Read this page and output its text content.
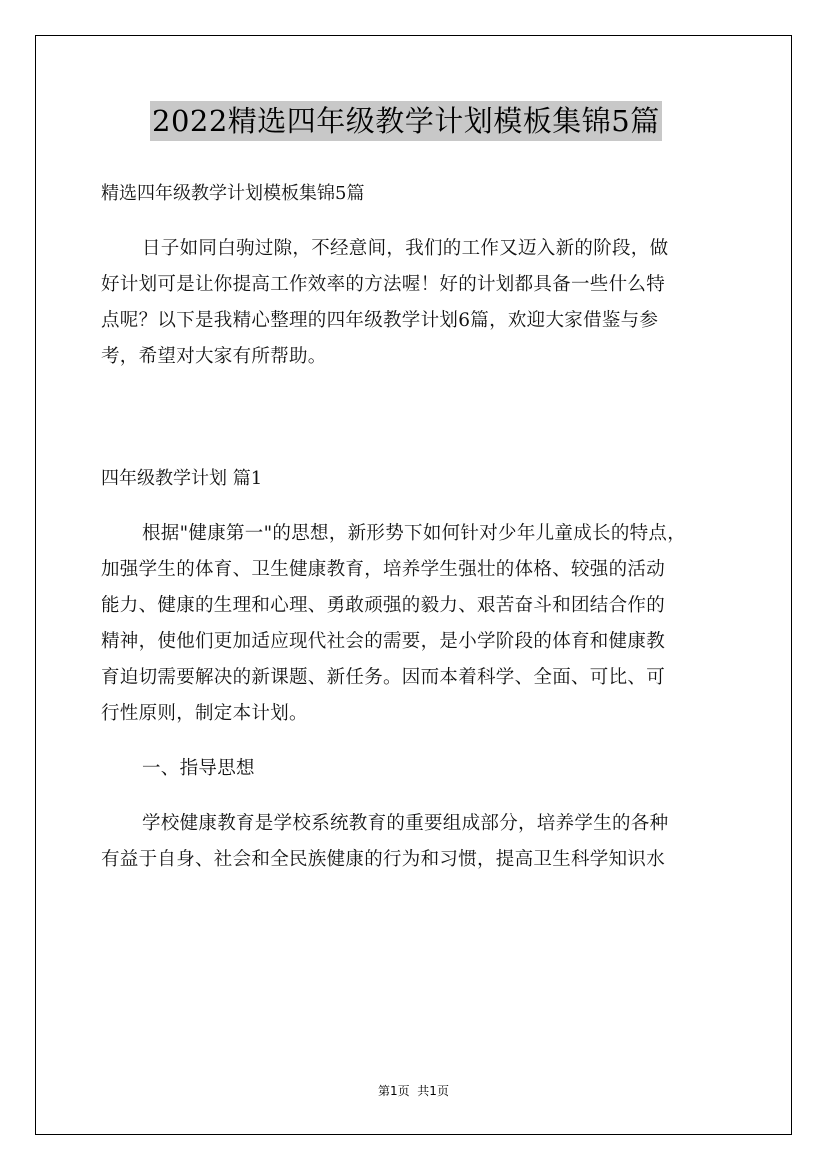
2022精选四年级教学计划模板集锦5篇
精选四年级教学计划模板集锦5篇
日子如同白驹过隙，不经意间，我们的工作又迈入新的阶段，做
好计划可是让你提高工作效率的方法喔！好的计划都具备一些什么特
点呢？以下是我精心整理的四年级教学计划6篇，欢迎大家借鉴与参
考，希望对大家有所帮助。
四年级教学计划 篇1
根据"健康第一"的思想，新形势下如何针对少年儿童成长的特点，
加强学生的体育、卫生健康教育，培养学生强壮的体格、较强的活动
能力、健康的生理和心理、勇敢顽强的毅力、艰苦奋斗和团结合作的
精神，使他们更加适应现代社会的需要，是小学阶段的体育和健康教
育迫切需要解决的新课题、新任务。因而本着科学、全面、可比、可
行性原则，制定本计划。
一、指导思想
学校健康教育是学校系统教育的重要组成部分，培养学生的各种
有益于自身、社会和全民族健康的行为和习惯，提高卫生科学知识水
第1页  共1页
